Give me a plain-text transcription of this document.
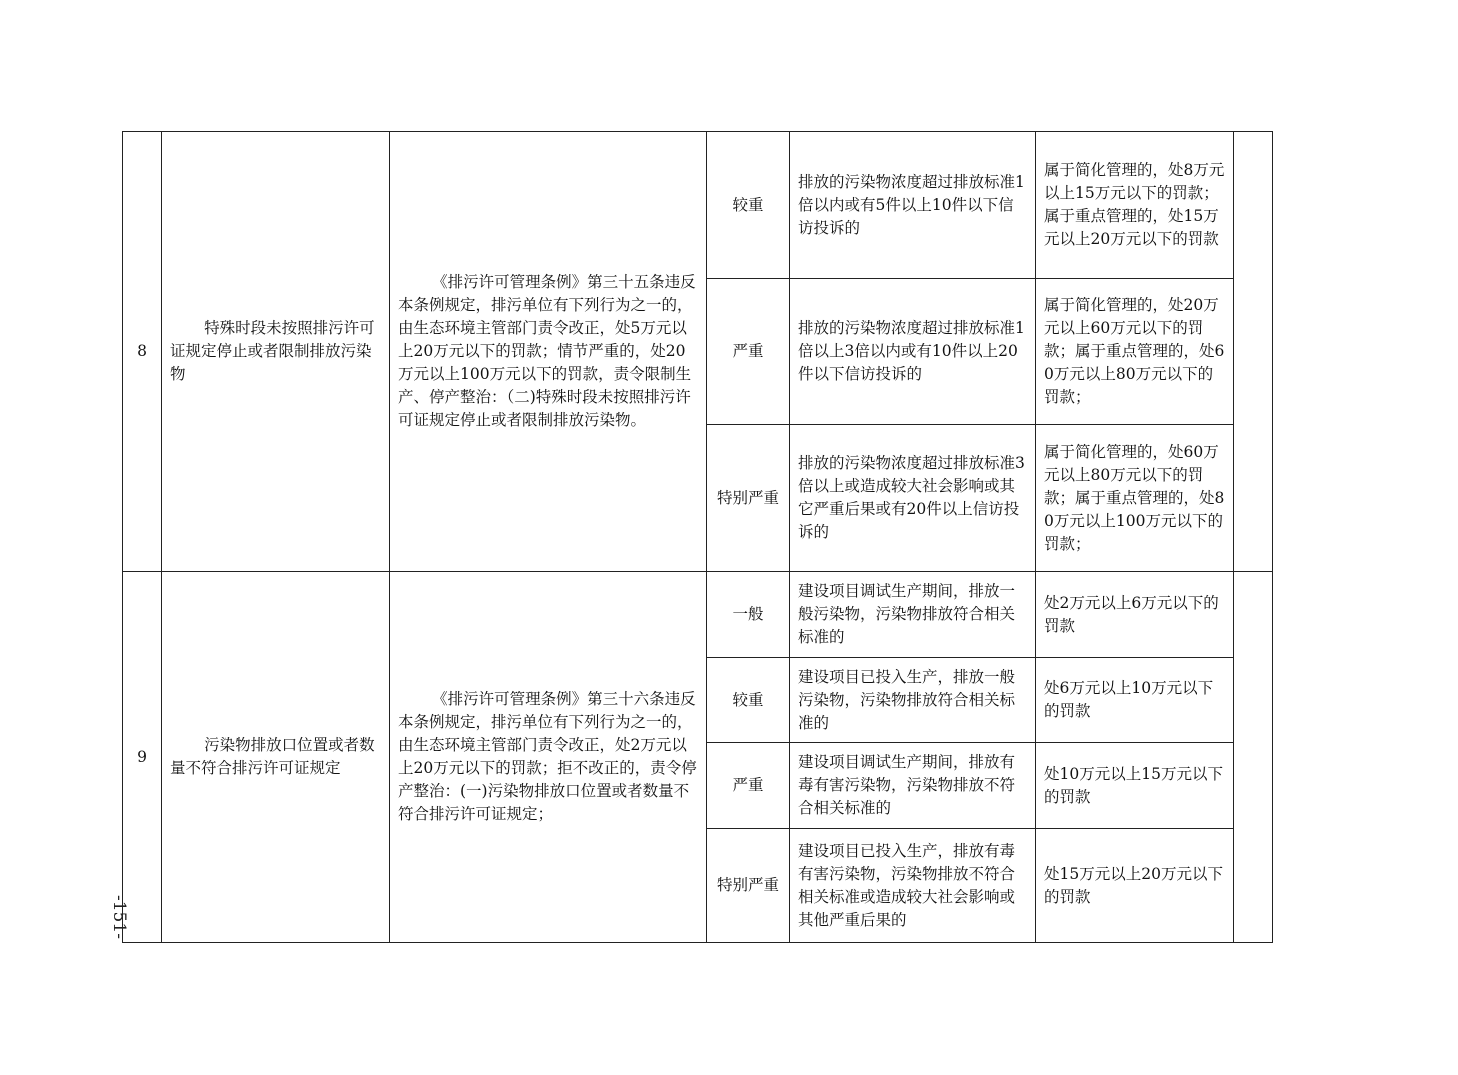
8	特殊时段未按照排污许可证规定停止或者限制排放污染物	《排污许可管理条例》第三十五条违反本条例规定，排污单位有下列行为之一的，由生态环境主管部门责令改正，处5万元以上20万元以下的罚款；情节严重的，处20万元以上100万元以下的罚款，责令限制生产、停产整治：（二)特殊时段未按照排污许可证规定停止或者限制排放污染物。	较重	排放的污染物浓度超过排放标准1倍以内或有5件以上10件以下信访投诉的	属于简化管理的，处8万元以上15万元以下的罚款；属于重点管理的，处15万元以上20万元以下的罚款	
			严重	排放的污染物浓度超过排放标准1倍以上3倍以内或有10件以上20件以下信访投诉的	属于简化管理的，处20万元以上60万元以下的罚款；属于重点管理的，处60万元以上80万元以下的罚款；	
			特别严重	排放的污染物浓度超过排放标准3倍以上或造成较大社会影响或其它严重后果或有20件以上信访投诉的	属于简化管理的，处60万元以上80万元以下的罚款；属于重点管理的，处80万元以上100万元以下的罚款；	
9	污染物排放口位置或者数量不符合排污许可证规定	《排污许可管理条例》第三十六条违反本条例规定，排污单位有下列行为之一的，由生态环境主管部门责令改正，处2万元以上20万元以下的罚款；拒不改正的，责令停产整治：(一)污染物排放口位置或者数量不符合排污许可证规定；	一般	建设项目调试生产期间，排放一般污染物，污染物排放符合相关标准的	处2万元以上6万元以下的罚款	
			较重	建设项目已投入生产，排放一般污染物，污染物排放符合相关标准的	处6万元以上10万元以下的罚款	
			严重	建设项目调试生产期间，排放有毒有害污染物，污染物排放不符合相关标准的	处10万元以上15万元以下的罚款	
			特别严重	建设项目已投入生产，排放有毒有害污染物，污染物排放不符合相关标准或造成较大社会影响或其他严重后果的	处15万元以上20万元以下的罚款	
-151-
